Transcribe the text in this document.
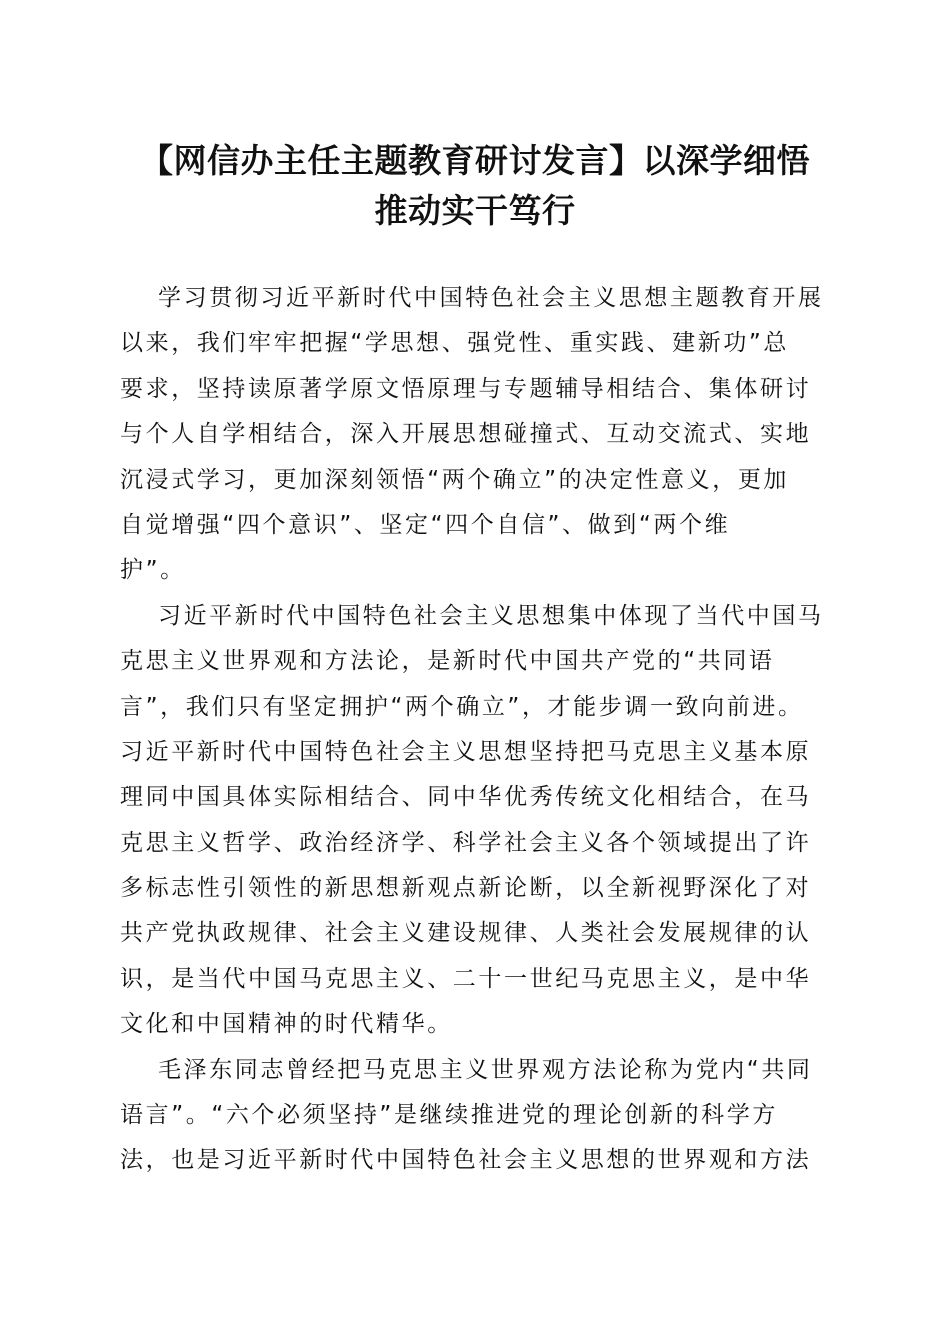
【网信办主任主题教育研讨发言】以深学细悟
推动实干笃行
学习贯彻习近平新时代中国特色社会主义思想主题教育开展
以来，我们牢牢把握“学思想、强党性、重实践、建新功”总
要求，坚持读原著学原文悟原理与专题辅导相结合、集体研讨
与个人自学相结合，深入开展思想碰撞式、互动交流式、实地
沉浸式学习，更加深刻领悟“两个确立”的决定性意义，更加
自觉增强“四个意识”、坚定“四个自信”、做到“两个维
护”。
习近平新时代中国特色社会主义思想集中体现了当代中国马
克思主义世界观和方法论，是新时代中国共产党的“共同语
言”，我们只有坚定拥护“两个确立”，才能步调一致向前进。
习近平新时代中国特色社会主义思想坚持把马克思主义基本原
理同中国具体实际相结合、同中华优秀传统文化相结合，在马
克思主义哲学、政治经济学、科学社会主义各个领域提出了许
多标志性引领性的新思想新观点新论断，以全新视野深化了对
共产党执政规律、社会主义建设规律、人类社会发展规律的认
识，是当代中国马克思主义、二十一世纪马克思主义，是中华
文化和中国精神的时代精华。
毛泽东同志曾经把马克思主义世界观方法论称为党内“共同
语言”。“六个必须坚持”是继续推进党的理论创新的科学方
法，也是习近平新时代中国特色社会主义思想的世界观和方法
